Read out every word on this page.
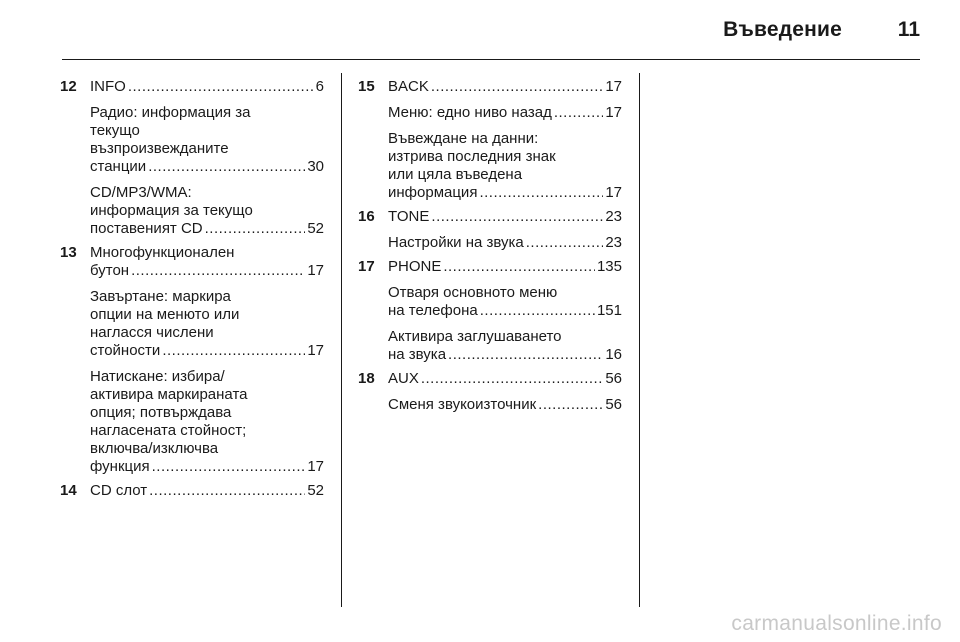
Въведение	11
12 INFO .....	6
Радио: информация за
текущо
възпроизвежданите
станции .....	30
CD/MP3/WMA:
информация за текущо
поставеният CD .....	52
13 Многофункционален
бутон .....	17
Завъртане: маркира
опции на менюто или
нагласся числени
стойности .....	17
Натискане: избира/
активира маркираната
опция; потвърждава
нагласената стойност;
включва/изключва
функция .....	17
14 CD слот .....	52
15 BACK .....	17
Меню: едно ниво назад .....	17
Въвеждане на данни:
изтрива последния знак
или цяла въведена
информация .....	17
16 TONE .....	23
Настройки на звука .....	23
17 PHONE .....	135
Отваря основното меню
на телефона .....	151
Активира заглушаването
на звука .....	16
18 AUX .....	56
Сменя звукоизточник .....	56
carmanualsonline.info
